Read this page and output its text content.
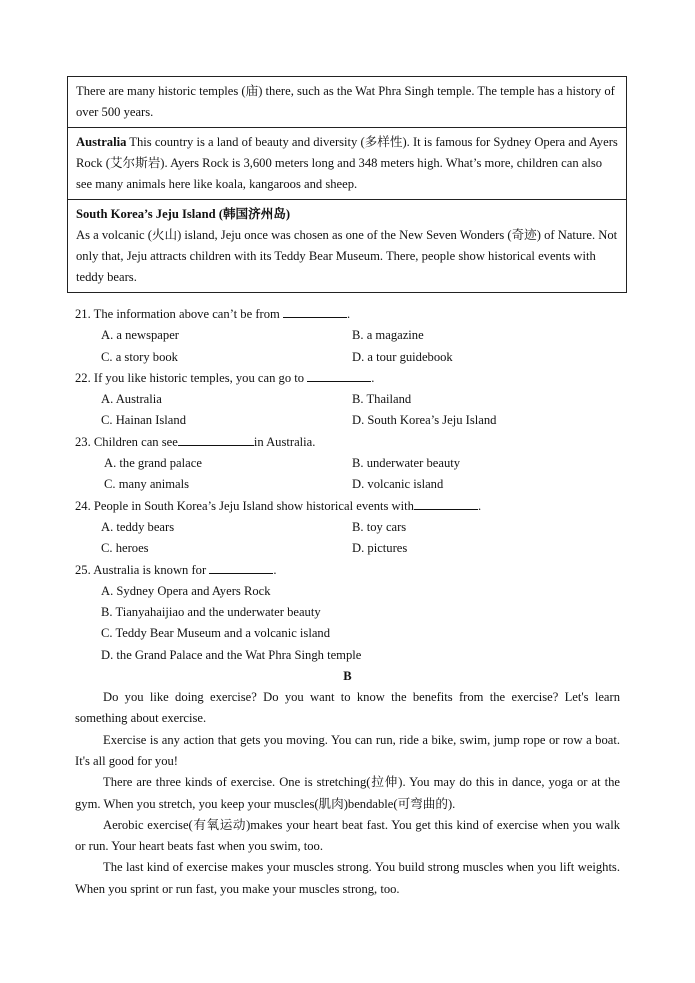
There are many historic temples (庙) there, such as the Wat Phra Singh temple. The temple has a history of over 500 years.
Australia This country is a land of beauty and diversity (多样性). It is famous for Sydney Opera and Ayers Rock (艾尔斯岩). Ayers Rock is 3,600 meters long and 348 meters high. What’s more, children can also see many animals here like koala, kangaroos and sheep.
South Korea’s Jeju Island (韩国济州岛)
As a volcanic (火山) island, Jeju once was chosen as one of the New Seven Wonders (奇迹) of Nature. Not only that, Jeju attracts children with its Teddy Bear Museum. There, people show historical events with teddy bears.
21. The information above can’t be from	.
A. a newspaper	B. a magazine
C. a story book	D. a tour guidebook
22. If you like historic temples, you can go to	.
A. Australia	B. Thailand
C. Hainan Island	D. South Korea’s Jeju Island
23. Children can see	in Australia.
A. the grand palace	B. underwater beauty
C. many animals	D. volcanic island
24. People in South Korea’s Jeju Island show historical events with	.
A. teddy bears	B. toy cars
C. heroes	D. pictures
25. Australia is known for	.
A. Sydney Opera and Ayers Rock
B. Tianyahaijiao and the underwater beauty
C. Teddy Bear Museum and a volcanic island
D. the Grand Palace and the Wat Phra Singh temple
B
Do you like doing exercise? Do you want to know the benefits from the exercise? Let's learn something about exercise.
Exercise is any action that gets you moving. You can run, ride a bike, swim, jump rope or row a boat. It's all good for you!
There are three kinds of exercise. One is stretching(拉伸). You may do this in dance, yoga or at the gym. When you stretch, you keep your muscles(肌肉)bendable(可弯曲的).
Aerobic exercise(有氧运动)makes your heart beat fast. You get this kind of exercise when you walk or run. Your heart beats fast when you swim, too.
The last kind of exercise makes your muscles strong. You build strong muscles when you lift weights. When you sprint or run fast, you make your muscles strong, too.
